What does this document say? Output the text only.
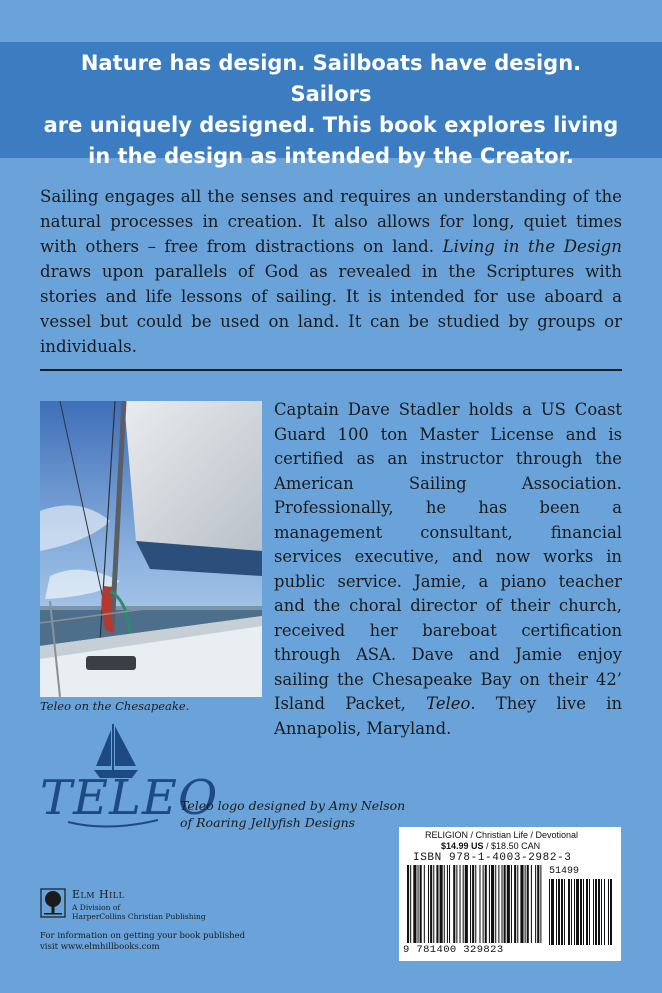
Nature has design. Sailboats have design. Sailors
are uniquely designed. This book explores living
in the design as intended by the Creator.

Sailing engages all the senses and requires an understanding of the natural processes in creation. It also allows for long, quiet times with others – free from distractions on land. Living in the Design draws upon parallels of God as revealed in the Scriptures with stories and life lessons of sailing. It is intended for use aboard a vessel but could be used on land. It can be studied by groups or individuals.

Teleo on the Chesapeake.

Captain Dave Stadler holds a US Coast Guard 100 ton Master License and is certified as an instructor through the American Sailing Association. Professionally, he has been a management consultant, financial services executive, and now works in public service. Jamie, a piano teacher and the choral director of their church, received her bareboat certification through ASA. Dave and Jamie enjoy sailing the Chesapeake Bay on their 42’ Island Packet, Teleo. They live in Annapolis, Maryland.

TELEO
Teleo logo designed by Amy Nelson
of Roaring Jellyfish Designs
RELIGION / Christian Life / Devotional
$14.99 US / $18.50 CAN
ISBN 978-1-4003-2982-3
51499
9 781400 329823
Elm Hill
A Division of
HarperCollins Christian Publishing
For information on getting your book published
visit www.elmhillbooks.com
